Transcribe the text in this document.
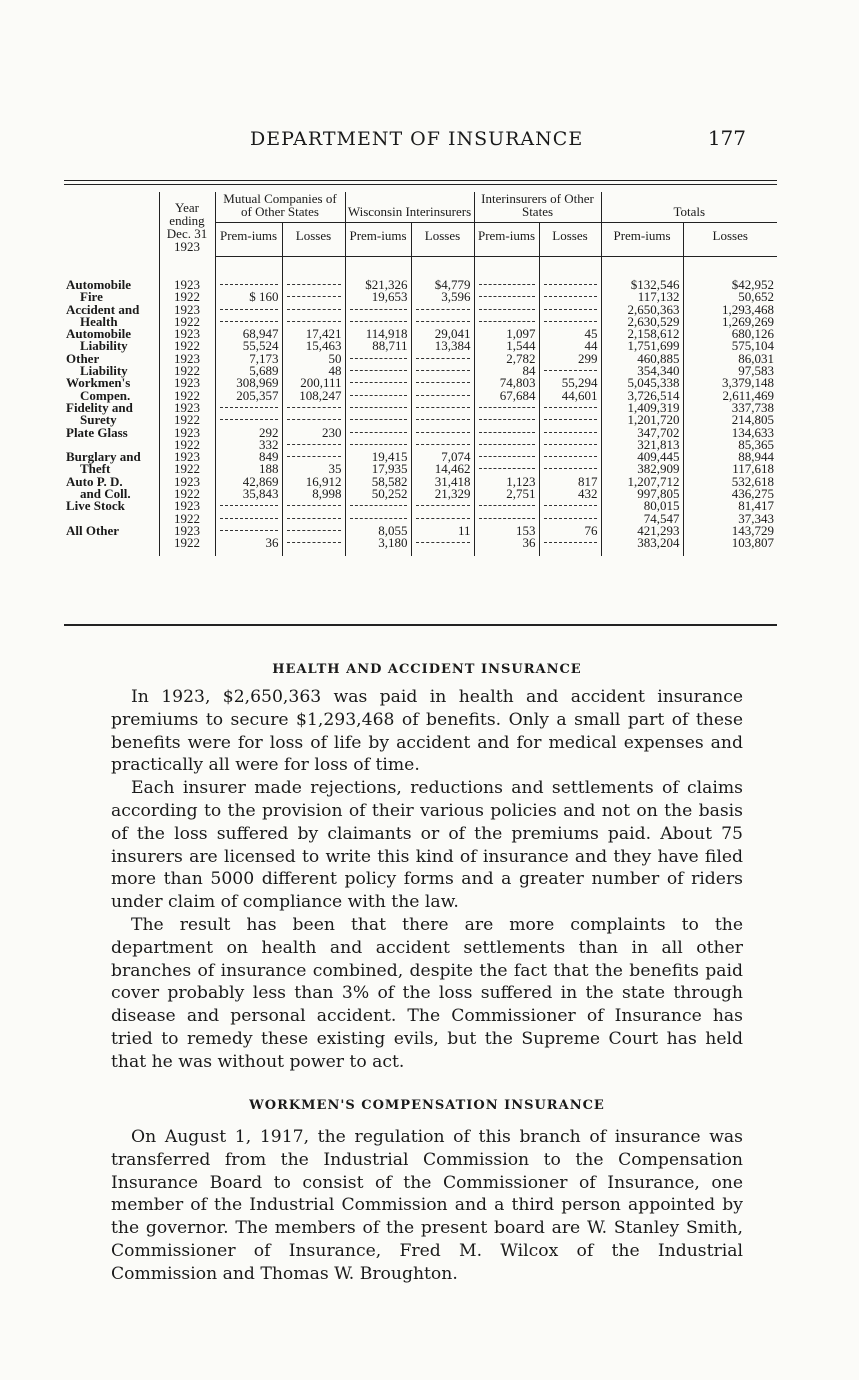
DEPARTMENT OF INSURANCE	177
	Year ending Dec. 31 1923	Mutual Companies of of Other States		Wisconsin Interinsurers		Interinsurers of Other States		Totals	
		Prem-iums	Losses	Prem-iums	Losses	Prem-iums	Losses	Prem-iums	Losses
Automobile	1923			$21,326	$4,779			$132,546	$42,952
Fire	1922	$ 160		19,653	3,596			117,132	50,652
Accident and	1923							2,650,363	1,293,468
Health	1922							2,630,529	1,269,269
Automobile	1923	68,947	17,421	114,918	29,041	1,097	45	2,158,612	680,126
Liability	1922	55,524	15,463	88,711	13,384	1,544	44	1,751,699	575,104
Other	1923	7,173	50			2,782	299	460,885	86,031
Liability	1922	5,689	48			84		354,340	97,583
Workmen's	1923	308,969	200,111			74,803	55,294	5,045,338	3,379,148
Compen.	1922	205,357	108,247			67,684	44,601	3,726,514	2,611,469
Fidelity and	1923							1,409,319	337,738
Surety	1922							1,201,720	214,805
Plate Glass	1923	292	230					347,702	134,633
	1922	332						321,813	85,365
Burglary and	1923	849		19,415	7,074			409,445	88,944
Theft	1922	188	35	17,935	14,462			382,909	117,618
Auto P. D.	1923	42,869	16,912	58,582	31,418	1,123	817	1,207,712	532,618
and Coll.	1922	35,843	8,998	50,252	21,329	2,751	432	997,805	436,275
Live Stock	1923							80,015	81,417
	1922							74,547	37,343
All Other	1923			8,055	11	153	76	421,293	143,729
	1922	36		3,180		36		383,204	103,807
HEALTH AND ACCIDENT INSURANCE

In 1923, $2,650,363 was paid in health and accident insurance premiums to secure $1,293,468 of benefits. Only a small part of these benefits were for loss of life by accident and for medical expenses and practically all were for loss of time.

Each insurer made rejections, reductions and settlements of claims according to the provision of their various policies and not on the basis of the loss suffered by claimants or of the premiums paid. About 75 insurers are licensed to write this kind of insurance and they have filed more than 5000 different policy forms and a greater number of riders under claim of compliance with the law.

The result has been that there are more complaints to the department on health and accident settlements than in all other branches of insurance combined, despite the fact that the benefits paid cover probably less than 3% of the loss suffered in the state through disease and personal accident. The Commissioner of Insurance has tried to remedy these existing evils, but the Supreme Court has held that he was without power to act.

WORKMEN'S COMPENSATION INSURANCE

On August 1, 1917, the regulation of this branch of insurance was transferred from the Industrial Commission to the Compensation Insurance Board to consist of the Commissioner of Insurance, one member of the Industrial Commission and a third person appointed by the governor. The members of the present board are W. Stanley Smith, Commissioner of Insurance, Fred M. Wilcox of the Industrial Commission and Thomas W. Broughton.
